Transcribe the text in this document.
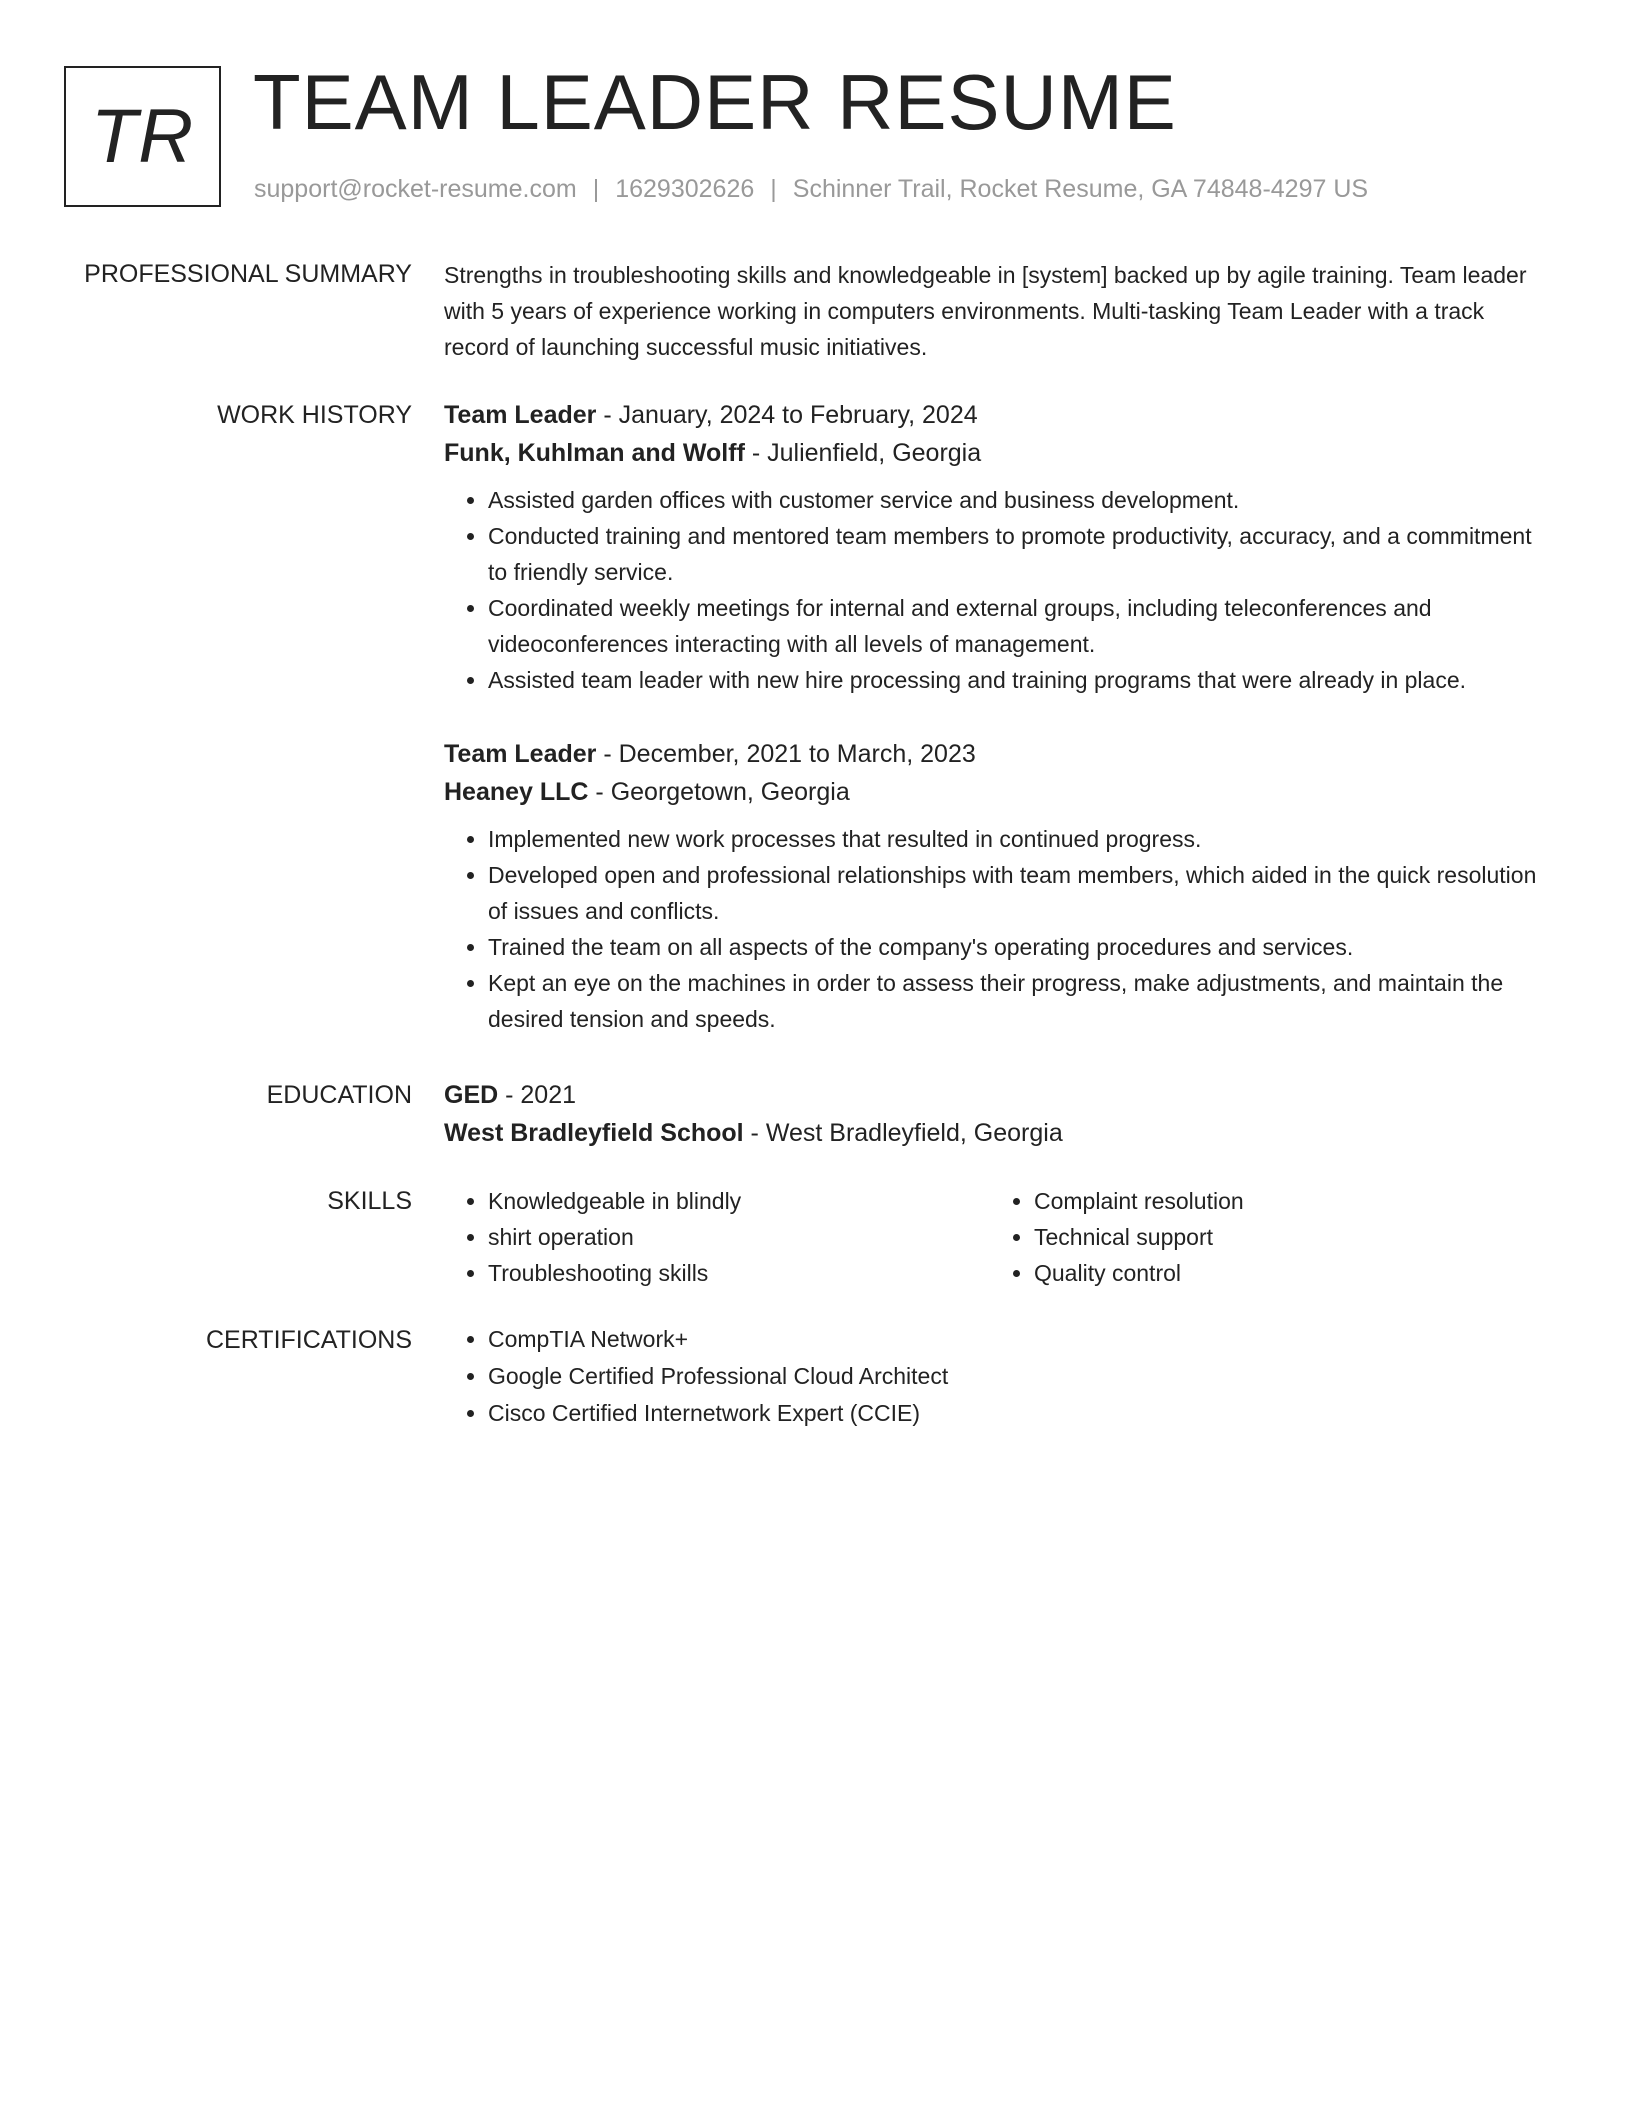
TR TEAM LEADER RESUME
support@rocket-resume.com | 1629302626 | Schinner Trail, Rocket Resume, GA 74848-4297 US
PROFESSIONAL SUMMARY Strengths in troubleshooting skills and knowledgeable in [system] backed up by agile training. Team leader with 5 years of experience working in computers environments. Multi-tasking Team Leader with a track record of launching successful music initiatives.

WORK HISTORY Team Leader - January, 2024 to February, 2024
Funk, Kuhlman and Wolff - Julienfield, Georgia
• Assisted garden offices with customer service and business development.
• Conducted training and mentored team members to promote productivity, accuracy, and a commitment to friendly service.
• Coordinated weekly meetings for internal and external groups, including teleconferences and videoconferences interacting with all levels of management.
• Assisted team leader with new hire processing and training programs that were already in place.
Team Leader - December, 2021 to March, 2023
Heaney LLC - Georgetown, Georgia
• Implemented new work processes that resulted in continued progress.
• Developed open and professional relationships with team members, which aided in the quick resolution of issues and conflicts.
• Trained the team on all aspects of the company's operating procedures and services.
• Kept an eye on the machines in order to assess their progress, make adjustments, and maintain the desired tension and speeds.
EDUCATION GED - 2021
West Bradleyfield School - West Bradleyfield, Georgia
SKILLS	• Knowledgeable in blindly
• shirt operation
• Troubleshooting skills
• Complaint resolution
• Technical support
• Quality control
CERTIFICATIONS	• CompTIA Network+
• Google Certified Professional Cloud Architect
• Cisco Certified Internetwork Expert (CCIE)
